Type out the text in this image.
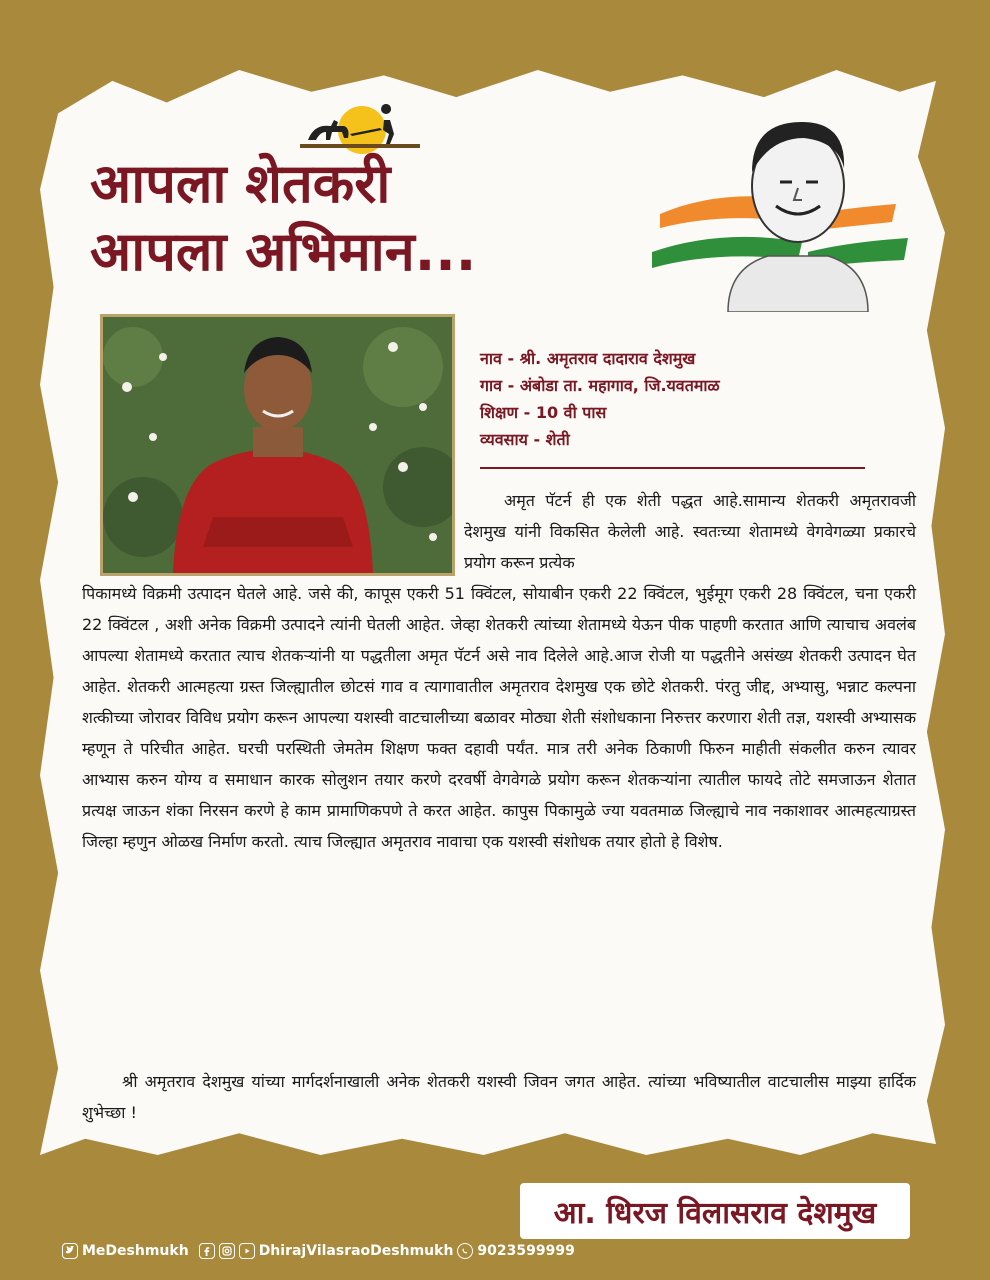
आपला शेतकरी
आपला अभिमान...
नाव - श्री. अमृतराव दादाराव देशमुख
गाव - अंबोडा ता. महागाव, जि.यवतमाळ
शिक्षण - 10 वी पास
व्यवसाय - शेती
अमृत पॅटर्न ही एक शेती पद्धत आहे.सामान्य शेतकरी अमृतरावजी देशमुख यांनी विकसित केलेली आहे. स्वतःच्या शेतामध्ये वेगवेगळ्या प्रकारचे प्रयोग करून प्रत्येक
पिकामध्ये विक्रमी उत्पादन घेतले आहे. जसे की, कापूस एकरी 51 क्विंटल, सोयाबीन एकरी 22 क्विंटल, भुईमूग एकरी 28 क्विंटल, चना एकरी 22 क्विंटल , अशी अनेक विक्रमी उत्पादने त्यांनी घेतली आहेत. जेव्हा शेतकरी त्यांच्या शेतामध्ये येऊन पीक पाहणी करतात आणि त्याचाच अवलंब आपल्या शेतामध्ये करतात त्याच शेतकऱ्यांनी या पद्धतीला अमृत पॅटर्न असे नाव दिलेले आहे.आज रोजी या पद्धतीने असंख्य शेतकरी उत्पादन घेत आहेत. शेतकरी आत्महत्या ग्रस्त जिल्ह्यातील छोटसं गाव व त्यागावातील अमृतराव देशमुख एक छोटे शेतकरी. पंरतु जीद्द, अभ्यासु, भन्नाट कल्पना शत्कीच्या जोरावर विविध प्रयोग करून आपल्या यशस्वी वाटचालीच्या बळावर मोठ्या शेती संशोधकाना निरुत्तर करणारा शेती तज्ञ, यशस्वी अभ्यासक म्हणून ते परिचीत आहेत. घरची परस्थिती जेमतेम शिक्षण फक्त दहावी पर्यंत. मात्र तरी अनेक ठिकाणी फिरुन माहीती संकलीत करुन त्यावर आभ्यास करुन योग्य व समाधान कारक सोलुशन तयार करणे दरवर्षी वेगवेगळे प्रयोग करून शेतकऱ्यांना त्यातील फायदे तोटे समजाऊन शेतात प्रत्यक्ष जाऊन शंका निरसन करणे हे काम प्रामाणिकपणे ते करत आहेत. कापुस पिकामुळे ज्या यवतमाळ जिल्ह्याचे नाव नकाशावर आत्महत्याग्रस्त जिल्हा म्हणुन ओळख निर्माण करतो. त्याच जिल्ह्यात अमृतराव नावाचा एक यशस्वी संशोधक तयार होतो हे विशेष.
श्री अमृतराव देशमुख यांच्या मार्गदर्शनाखाली अनेक शेतकरी यशस्वी जिवन जगत आहेत. त्यांच्या भविष्यातील वाटचालीस माझ्या हार्दिक शुभेच्छा !
आ. धिरज विलासराव देशमुख
MeDeshmukh	DhirajVilasraoDeshmukh 9023599999
